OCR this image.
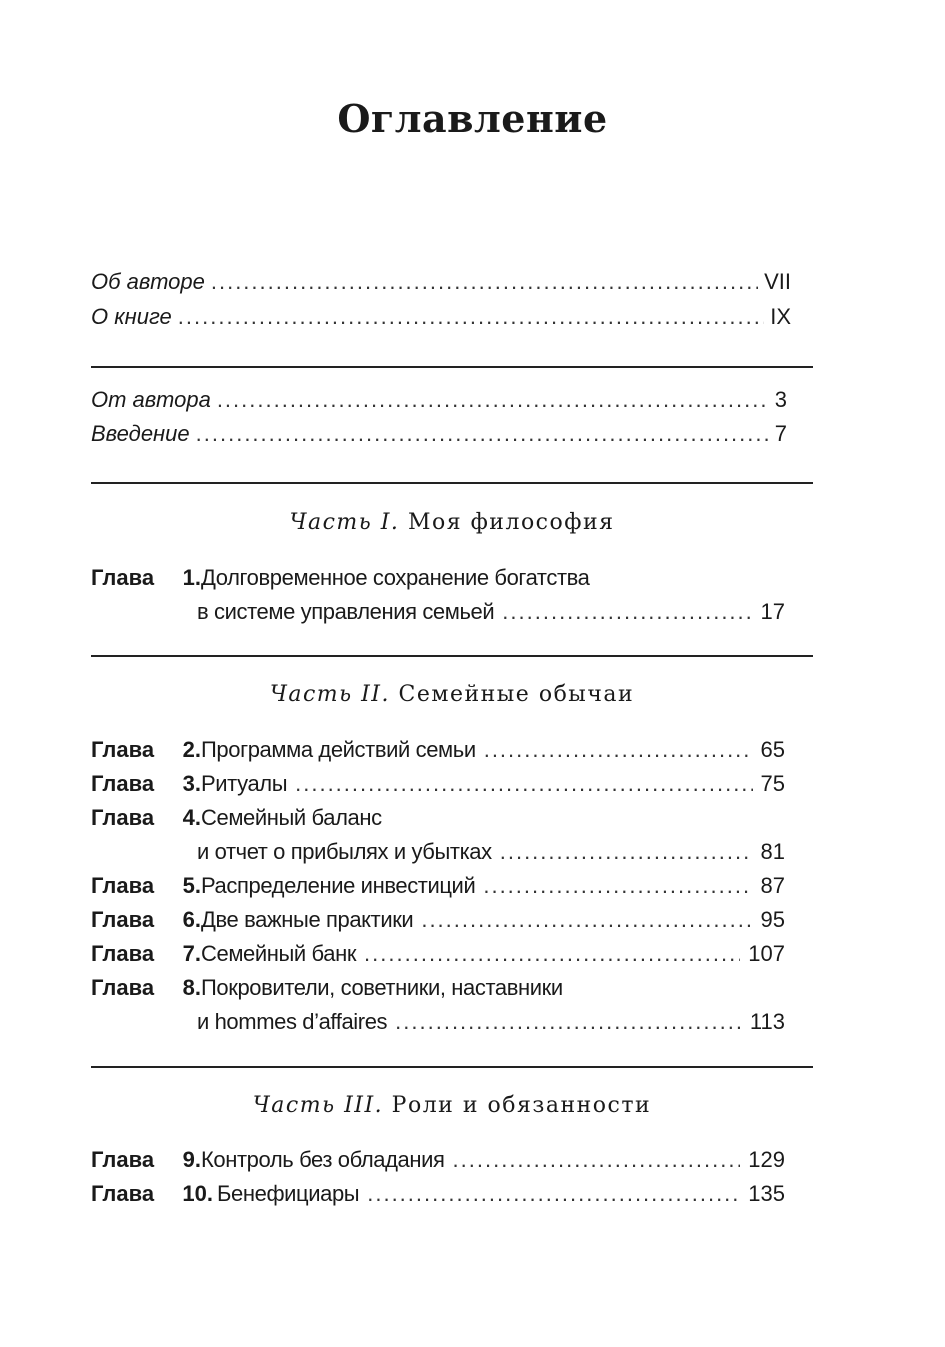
Оглавление
Об авторе .....	VII
О книге .....	IX
От автора .....	3
Введение .....	7
Часть I. Моя философия
Глава	1. Долговременное сохранение богатства
в системе управления семьей .....	17
Часть II. Семейные обычаи
Глава	2. Программа действий семьи .....	65
Глава	3. Ритуалы .....	75
Глава	4. Семейный баланс
и отчет о прибылях и убытках .....	81
Глава	5. Распределение инвестиций .....	87
Глава	6. Две важные практики .....	95
Глава	7. Семейный банк .....	107
Глава	8. Покровители, советники, наставники
и hommes d’affaires .....	113
Часть III. Роли и обязанности
Глава	9. Контроль без обладания .....	129
Глава	10. Бенефициары .....	135
